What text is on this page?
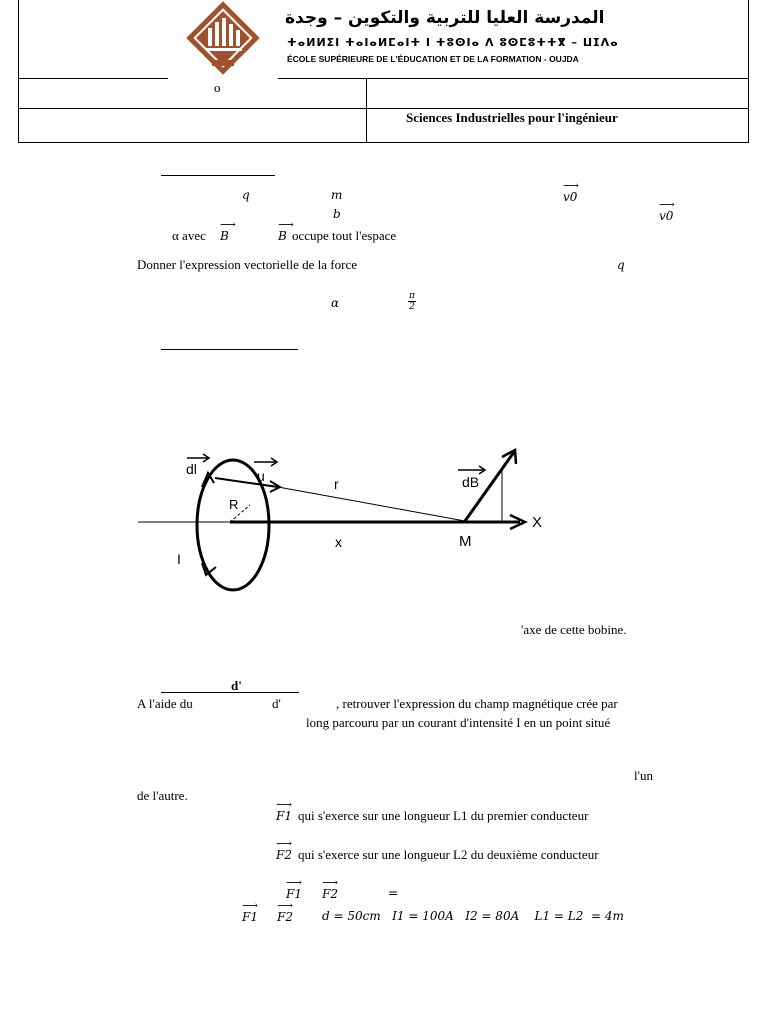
المدرسة العليا للتربية والتكوين – وجدة
ⵜⴰⵍⵍⵉⵏ ⵜⴰⵏⴰⵍⵎⴰⵏⵜ ⵏ ⵜⵓⵙⵏⴰ ⴷ ⵓⵙⵎⵓⵜⵜⴳ – ⵡⵊⴷⴰ
ÉCOLE SUPÉRIEURE DE L'ÉDUCATION ET DE LA FORMATION - OUJDA
o
Sciences Industrielles pour l'ingénieur
q	m	⟶ v0
b	⟶ v0
α avec ⟶ B	⟶ B occupe tout l'espace
Donner l'expression vectorielle de la force	q
α	$\frac{\pi}{2}$
dl	u	r	dB
X
R
x	M
I
'axe de cette bobine.
d'
A l'aide du	d'	, retrouver l'expression du champ magnétique crée par
long parcouru par un courant d'intensité I en un point situé
l'un
de l'autre.
⟶ F1 qui s'exerce sur une longueur L1 du premier conducteur
⟶ F2 qui s'exerce sur une longueur L2 du deuxième conducteur
⟶ F1 ⟶ F2	=
⟶ F1 ⟶ F2 d = 50cm   I1 = 100A   I2 = 80A    L1 = L2  = 4m
